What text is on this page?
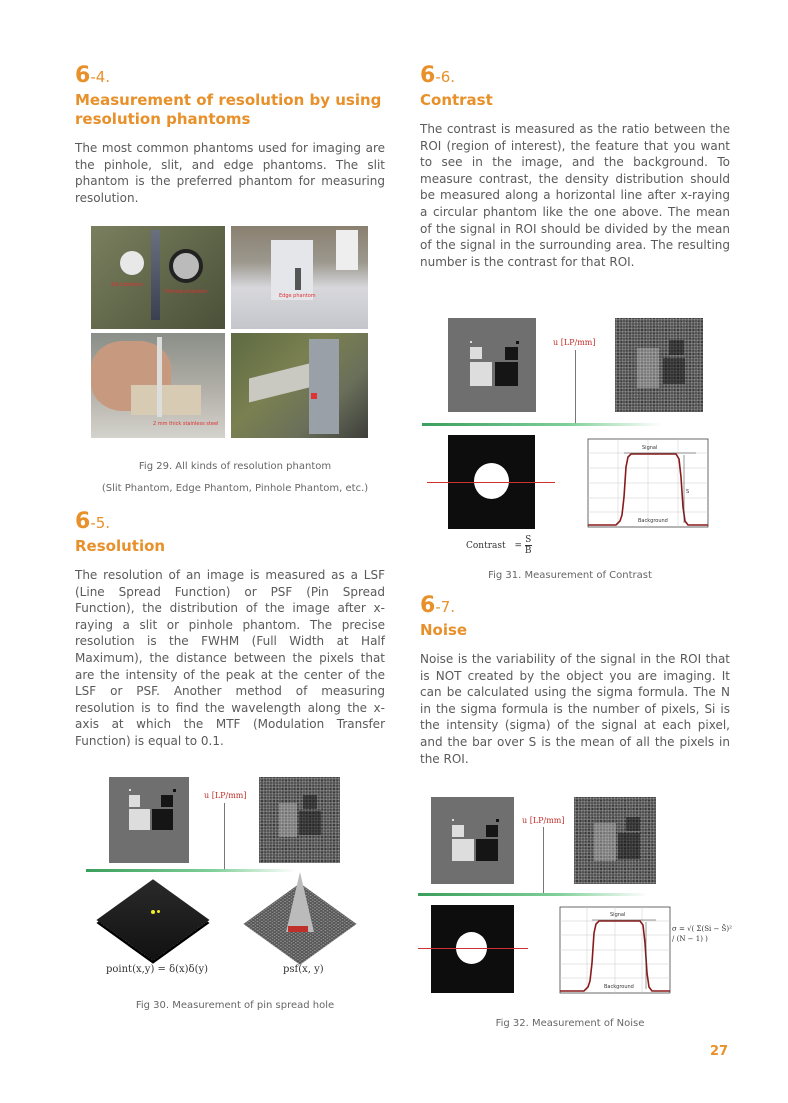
6-4.
Measurement of resolution by using resolution phantoms
The most common phantoms used for imaging are the pinhole, slit, and edge phantoms. The slit phantom is the preferred phantom for measuring resolution.
Slit phantom
Pinhole phantom
Edge phantom
2 mm thick stainless steel
Fig 29. All kinds of resolution phantom
(Slit Phantom, Edge Phantom, Pinhole Phantom, etc.)
6-5.
Resolution
The resolution of an image is measured as a LSF (Line Spread Function) or PSF (Pin Spread Function), the distribution of the image after x-raying a slit or pinhole phantom. The precise resolution is the FWHM (Full Width at Half Maximum), the distance between the pixels that are the intensity of the peak at the center of the LSF or PSF. Another method of measuring resolution is to find the wavelength along the x-axis at which the MTF (Modulation Transfer Function) is equal to 0.1.
u [LP/mm]
point(x,y) = δ(x)δ(y)	psf(x, y)
Fig 30. Measurement of pin spread hole
6-6.
Contrast
The contrast is measured as the ratio between the ROI (region of interest), the feature that you want to see in the image, and the background. To measure contrast, the density distribution should be measured along a horizontal line after x-raying a circular phantom like the one above. The mean of the signal in ROI should be divided by the mean of the signal in the surrounding area. The resulting number is the contrast for that ROI.
u [LP/mm]
Contrast = $\frac{S}{B}$
Signal
Background
S
Fig 31. Measurement of Contrast
6-7.
Noise
Noise is the variability of the signal in the ROI that is NOT created by the object you are imaging. It can be calculated using the sigma formula. The N in the sigma formula is the number of pixels, Si is the intensity (sigma) of the signal at each pixel, and the bar over S is the mean of all the pixels in the ROI.
u [LP/mm]
Signal
Background
σ = √( Σ(Si − S̄)² / (N − 1) )
Fig 32. Measurement of Noise
27
